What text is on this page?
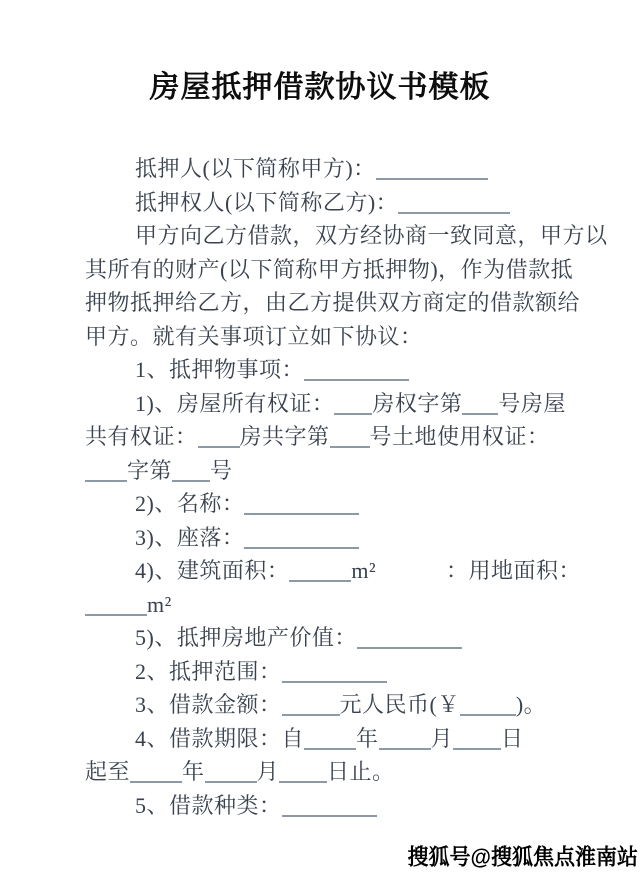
房屋抵押借款协议书模板

抵押人(以下简称甲方)：

抵押权人(以下简称乙方)：

甲方向乙方借款，双方经协商一致同意，甲方以

其所有的财产(以下简称甲方抵押物)，作为借款抵

押物抵押给乙方，由乙方提供双方商定的借款额给

甲方。就有关事项订立如下协议：

1、抵押物事项：

1)、房屋所有权证： 房权字第 号房屋

共有权证： 房共字第 号土地使用权证：

字第 号

2)、名称：

3)、座落：

4)、建筑面积：	m²	：用地面积：

m²

5)、抵押房地产价值：

2、抵押范围：

3、借款金额：	元人民币(￥	)。

4、借款期限：自 年 月 日

起至 年 月 日止。

5、借款种类：

搜狐号@搜狐焦点淮南站
